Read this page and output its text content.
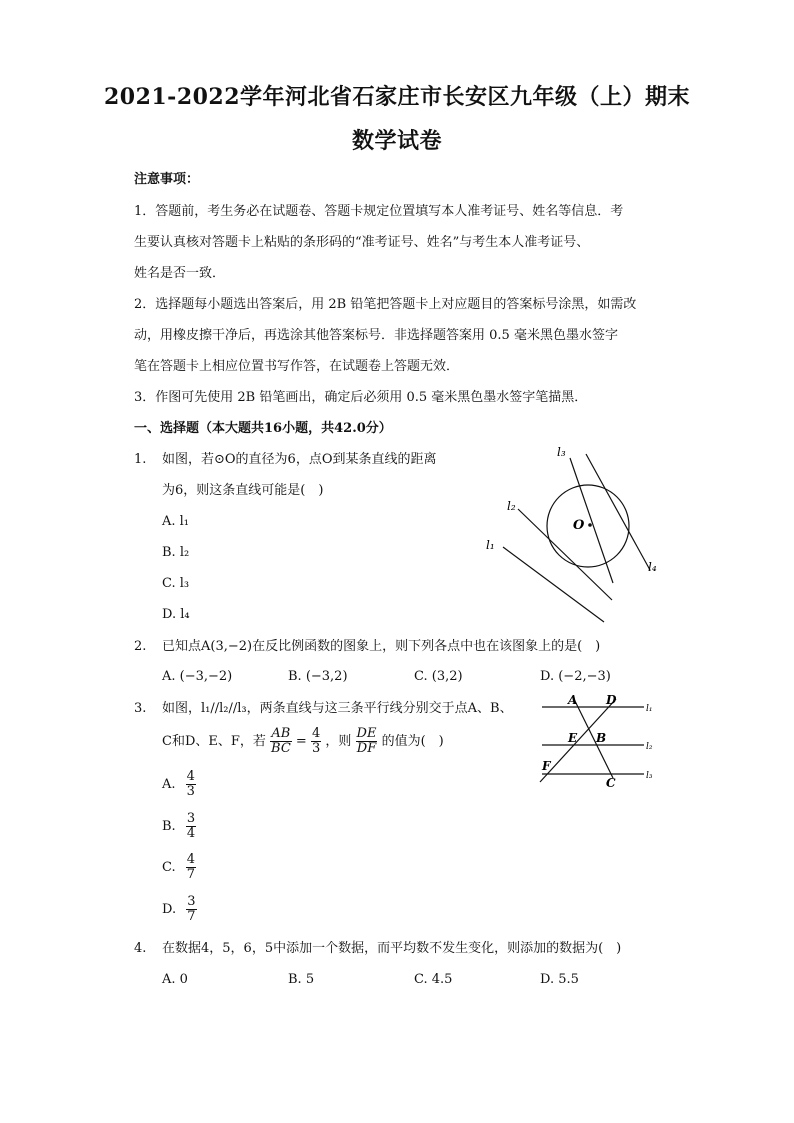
2021-2022学年河北省石家庄市长安区九年级（上）期末
数学试卷
注意事项：
1．答题前，考生务必在试题卷、答题卡规定位置填写本人准考证号、姓名等信息．考
生要认真核对答题卡上粘贴的条形码的“准考证号、姓名”与考生本人准考证号、
姓名是否一致．
2．选择题每小题选出答案后，用 2B 铅笔把答题卡上对应题目的答案标号涂黑，如需改
动，用橡皮擦干净后，再选涂其他答案标号．非选择题答案用 0.5 毫米黑色墨水签字
笔在答题卡上相应位置书写作答，在试题卷上答题无效．
3．作图可先使用 2B 铅笔画出，确定后必须用 0.5 毫米黑色墨水签字笔描黑．
一、选择题（本大题共16小题，共42.0分）
1. 如图，若⊙O的直径为6，点O到某条直线的距离
为6，则这条直线可能是(　)
A. l₁
B. l₂
C. l₃
D. l₄
l₃
l₂
l₁
l₄
O
2. 已知点A(3,−2)在反比例函数的图象上，则下列各点中也在该图象上的是(　)
A. (−3,−2)	B. (−3,2)	C. (3,2)	D. (−2,−3)
3. 如图，l₁//l₂//l₃，两条直线与这三条平行线分别交于点A、B、
C和D、E、F，若 $\frac{AB}{BC} = \frac{4}{3}$ ，则 $\frac{DE}{DF}$ 的值为(　)
A. $\frac{4}{3}$
B. $\frac{3}{4}$
C. $\frac{4}{7}$
D. $\frac{3}{7}$
A D
E B
F
C
l₁
l₂
l₃
4. 在数据4，5，6，5中添加一个数据，而平均数不发生变化，则添加的数据为(　)
A. 0	B. 5	C. 4.5	D. 5.5
